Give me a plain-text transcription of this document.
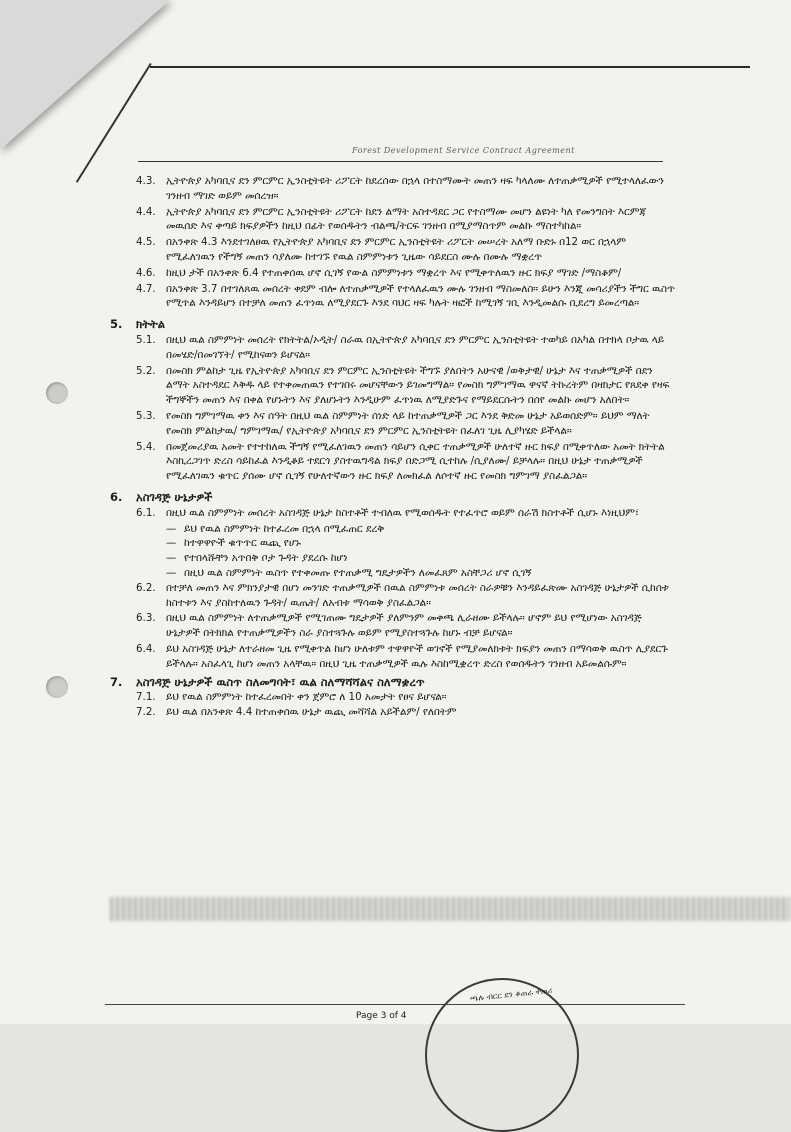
Forest Development Service Contract Agreement
4.3. ኢትዮጵያ አካባቢና ደን ምርምር ኢንስቲትዩት ሪፖርት ከደረሰው በኋላ በተስማሙት መጠን ዛፍ ካላለሙ ለተጠቃሚዎች የሚተላለፈውን ገንዘብ ማገድ ወይም መሰረዝ።
4.4. ኢትዮጵያ አካባቢና ደን ምርምር ኢንስቲትዩት ሪፖርት ከደን ልማት አስተዳደር ጋር የተስማሙ መሆን ልዩነት ካለ የመንግስት እርምጃ መዉሰድ እና ቀጣይ ክፍያዎችን ከዚህ በፊት የወሰዱትን ብልጫ/ትርፍ ገንዘብ በሚያማስጥም መልኩ ማስተካከል።
4.5. በአንቀጽ 4.3 እንደተገለፀዉ የኢትዮጵያ አካባቢና ደን ምርምር ኢንስቲትዩት ሪፖርት መሠረት አለማ ቡድኑ በ12 ወር በኋላም የሚፈለገዉን የችግኝ መጠን ሳያለሙ ከተገኙ የዉል ስምምነቱን ጊዜው ሳይደርስ ሙሉ በሙሉ ማቋረጥ
4.6. ከዚህ ታች በአንቀጽ 6.4 የተጠቀሰዉ ሆኖ ሲገኝ የውል ስምምነቱን ማቋረጥ እና የሚቀጥለዉን ዙር ክፍያ ማገድ /ማስቆም/
4.7. በአንቀጽ 3.7 በተገለጸዉ መሰረት ቀደም ብሎ ለተጠቃሚዎች የተላለፈዉን ሙሉ ገንዘብ ማስመለስ። ይሁን እንጂ መሳሪያችን ችግር ዉስጥ የሚጥል እንዳይሆን በተቻለ መጠን ፈጥነዉ ለሚያደርጉ እንደ ባህር ዛፍ ካሉት ዛፎች ከሚገኝ ገቢ እንዲመልሱ ቢደረግ ይመረጣል።
5. ክትትል
5.1. በዚህ ዉል ስምምነት መሰረት የክትትል/ኦዲት/ ስራዉ በኢትዮጵያ አካባቢና ደን ምርምር ኢንስቲትዩት ተወካይ በአካል በተክላ ቦታዉ ላይ በመሄድ/በመገኘት/ የሚከናወን ይሆናል።
5.2. በመስክ ምልከታ ጊዜ የኢትዮጵያ አካባቢና ደን ምርምር ኢንስቲትዩት ችግኙ ያለበትን አሁናዊ /ወቅታዊ/ ሁኔታ እና ተጠቃሚዎች በደን ልማት አስተዳደር እቅዱ ላይ የተቀመጠዉን የተገበሩ መሆናቸውን ይገመግማል። የመስክ ግምገማዉ ዋናኛ ትኩረትም በዛክታር የጸደቀ የዛፍ ችግኞችን መጠን እና በቀል የሆኑትን እና ያለሆኑትን እንዲሁም ፈጥነዉ ለሚያድጉና የማይደርሱትን በሰየ መልኩ መሆን አለበት።
5.3. የመስክ ግምገማዉ ቀን እና ሰዓት በዚህ ዉል ስምምነት ሰነድ ላይ ከተጠቃሚዎች ጋር እንደ ቅድመ ሁኔታ አይወሰድም። ይህም ማለት የመስክ ምልከታዉ/ ግምገማዉ/ የኢትዮጵያ አካባቢና ደን ምርምር ኢንስቲትዩት በፈለገ ጊዜ ሊያካሄድ ይችላል።
5.4. በመጀመሪያዉ አመት የተተከለዉ ችግኝ የሚፈለገዉን መጠን ሳይሆን ሲቀር ተጠቃሚዎች ሁለተኛ ዙር ክፍያ በሚቀጥለው አመት ክትትል እስኪረጋገጥ ድረስ ሳይከፈል እንዲቆይ ተደርጎ ያስተዉግዳል ክፍያ በድጋሚ ሲተከሉ /ሲያለሙ/ ይቻላሉ። በዚህ ሁኔታ ተጠቃሚዎች የሚፈለገዉን ቁጥር ያሰሙ ሆኖ ሲገኝ የሁለተኛውን ዙር ክፍያ ለመክፈል ለሶተኛ ዙር የመስክ ግምገማ ያስፈልጋል።
6. አስገዳጅ ሁኔታዎች
6.1. በዚህ ዉል ስምምነት መሰረት አስገዳጅ ሁኔታ ከስተቶች ተብለዉ የሚወሰዱት የተፈጥሮ ወይም ሰራሽ ክስተቶች ሲሆኑ እነዚህም፣
— ይህ የዉል ስምምነት ከተፈረመ በኋላ በሚፈጠር ደረቅ
— ከተዋዋዮች ቁጥጥር ዉጪ የሆኑ
— የተበላሹቸን አጥበቅ ቦታ ጉዳት ያደረሱ ከሆነ
— በዚህ ዉል ስምምነት ዉስጥ የተቀመጡ የተጠቃሚ ግዴታዎችን ለመፈጸም አስቸጋሪ ሆኖ ሲገኝ
6.2. በተቻለ መጠን እና ምክንያታዊ በሆነ መንገድ ተጠቃሚዎች በዉል ስምምነቱ መሰረት ስራዎቹን እንዳይፈጽሙ አስገዳጅ ሁኔታዎች ሲከሰቱ ከስተቱን እና ያስከተለዉን ጉዳት/ ዉጤት/ ለአብቱ ማሳወቅ ያስፈልጋል።
6.3. በዚህ ዉል ስምምነት ለተጠቃሚዎች የሚገጠሙ ግዴታዎች ያለምንም መቀጫ ሊራዘሙ ይችላሉ። ሆኖም ይህ የሚሆነው አስገዳጅ ሁኔታዎች በትክክል የተጠቃሚዎችን ስራ ያስተጓጉሉ ወይም የሚያስተጓጉሉ ከሆኑ ብቻ ይሆናል።
6.4. ይህ አስገዳጅ ሁኔታ ለተራዘመ ጊዜ የሚቀጥል ከሆነ ሁለቱም ተዋዋዮች ወገኖች የሚያመለክቱት ክፍያን መጠን በማሳወቅ ዉስጥ ሊያደርጉ ይችላሉ። አስፈላጊ ከሆነ መጠን አላቸዉ። በዚህ ጊዜ ተጠቃሚዎች ዉሉ እስከሚቋረጥ ድረስ የወሰዱትን ገንዘብ አይመልሱም።
7. አስገዳጅ ሁኔታዎች ዉስጥ ስለመግባት፣ ዉል ስለማሻሻልና ስለማቋረጥ
7.1. ይህ የዉል ስምምነት ከተፈረመበት ቀን ጀምሮ ለ 10 አመታት የፀና ይሆናል።
7.2. ይህ ዉል በአንቀጽ 4.4 ከተጠቀሰዉ ሁኔታ ዉጪ መሻሻል አይችልም/ የለበትም
Page 3 of 4
ጫሉ ብርር ደን ቆጠራ ተጠሪ
